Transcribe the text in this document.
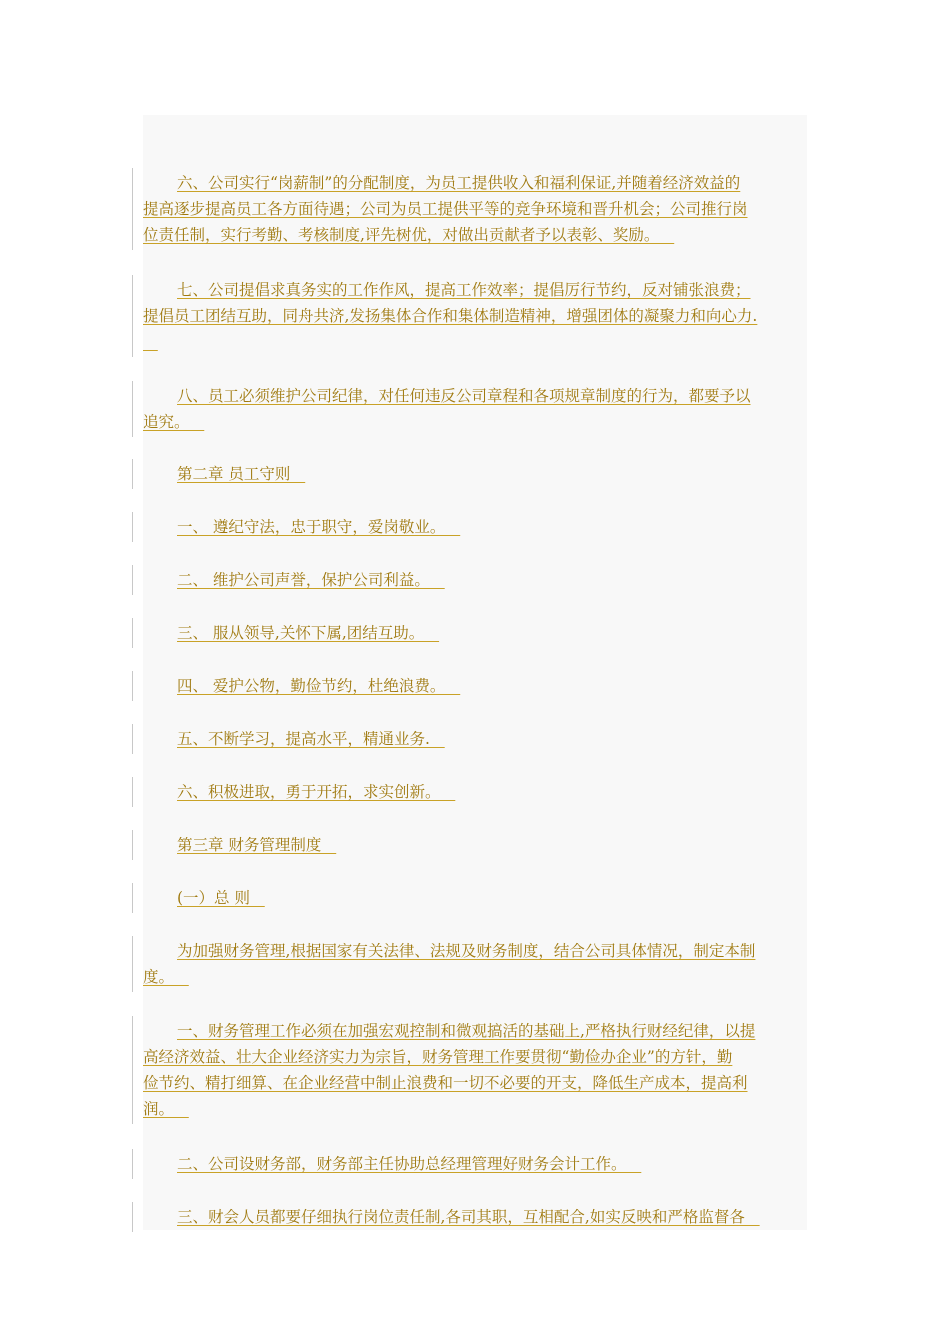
六、公司实行“岗薪制”的分配制度，为员工提供收入和福利保证,并随着经济效益的
提高逐步提高员工各方面待遇；公司为员工提供平等的竞争环境和晋升机会；公司推行岗
位责任制，实行考勤、考核制度,评先树优，对做出贡献者予以表彰、奖励。
七、公司提倡求真务实的工作作风，提高工作效率；提倡厉行节约，反对铺张浪费；
提倡员工团结互助，同舟共济,发扬集体合作和集体制造精神，增强团体的凝聚力和向心力.

八、员工必须维护公司纪律，对任何违反公司章程和各项规章制度的行为，都要予以
追究。
第二章 员工守则
一、 遵纪守法，忠于职守，爱岗敬业。
二、 维护公司声誉，保护公司利益。
三、 服从领导,关怀下属,团结互助。
四、 爱护公物，勤俭节约，杜绝浪费。
五、不断学习，提高水平，精通业务.
六、积极进取，勇于开拓，求实创新。
第三章 财务管理制度
(一）总 则
为加强财务管理,根据国家有关法律、法规及财务制度，结合公司具体情况，制定本制
度。
一、财务管理工作必须在加强宏观控制和微观搞活的基础上,严格执行财经纪律，以提
高经济效益、壮大企业经济实力为宗旨，财务管理工作要贯彻“勤俭办企业”的方针，勤
俭节约、精打细算、在企业经营中制止浪费和一切不必要的开支，降低生产成本，提高利
润。
二、公司设财务部，财务部主任协助总经理管理好财务会计工作。
三、财会人员都要仔细执行岗位责任制,各司其职，互相配合,如实反映和严格监督各
